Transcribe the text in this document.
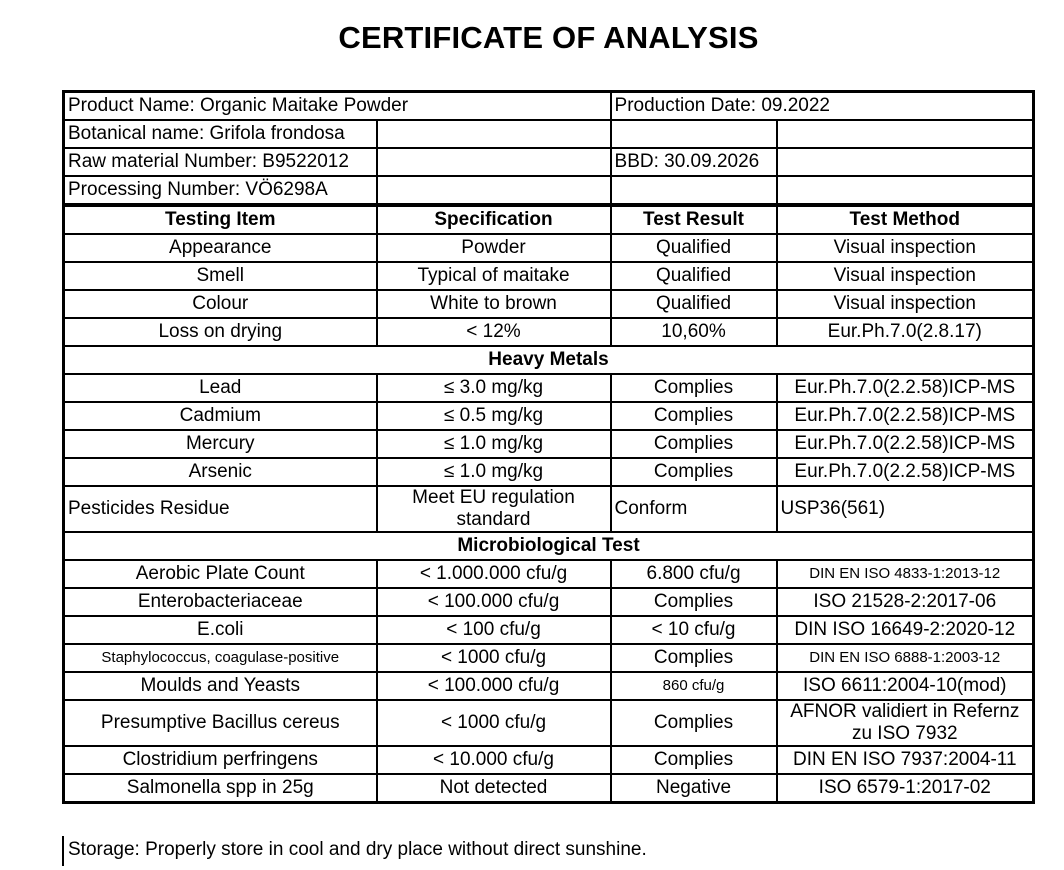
CERTIFICATE OF ANALYSIS
Product Name: Organic Maitake Powder		Production Date: 09.2022	
Botanical name: Grifola frondosa			
Raw material Number: B9522012		BBD: 30.09.2026	
Processing Number: VÖ6298A			
Testing Item	Specification	Test Result	Test Method
Appearance	Powder	Qualified	Visual inspection
Smell	Typical of maitake	Qualified	Visual inspection
Colour	White to brown	Qualified	Visual inspection
Loss on drying	< 12%	10,60%	Eur.Ph.7.0(2.8.17)
Heavy Metals			
Lead	≤ 3.0 mg/kg	Complies	Eur.Ph.7.0(2.2.58)ICP-MS
Cadmium	≤ 0.5 mg/kg	Complies	Eur.Ph.7.0(2.2.58)ICP-MS
Mercury	≤ 1.0 mg/kg	Complies	Eur.Ph.7.0(2.2.58)ICP-MS
Arsenic	≤ 1.0 mg/kg	Complies	Eur.Ph.7.0(2.2.58)ICP-MS
Pesticides Residue	Meet EU regulation standard	Conform	USP36(561)
Microbiological Test			
Aerobic Plate Count	< 1.000.000 cfu/g	6.800 cfu/g	DIN EN ISO 4833-1:2013-12
Enterobacteriaceae	< 100.000 cfu/g	Complies	ISO 21528-2:2017-06
E.coli	< 100 cfu/g	< 10 cfu/g	DIN ISO 16649-2:2020-12
Staphylococcus, coagulase-positive	< 1000 cfu/g	Complies	DIN EN ISO 6888-1:2003-12
Moulds and Yeasts	< 100.000 cfu/g	860 cfu/g	ISO 6611:2004-10(mod)
Presumptive Bacillus cereus	< 1000 cfu/g	Complies	AFNOR validiert in Refernz zu ISO 7932
Clostridium perfringens	< 10.000 cfu/g	Complies	DIN EN ISO 7937:2004-11
Salmonella spp in 25g	Not detected	Negative	ISO 6579-1:2017-02
Storage: Properly store in cool and dry place without direct sunshine.
